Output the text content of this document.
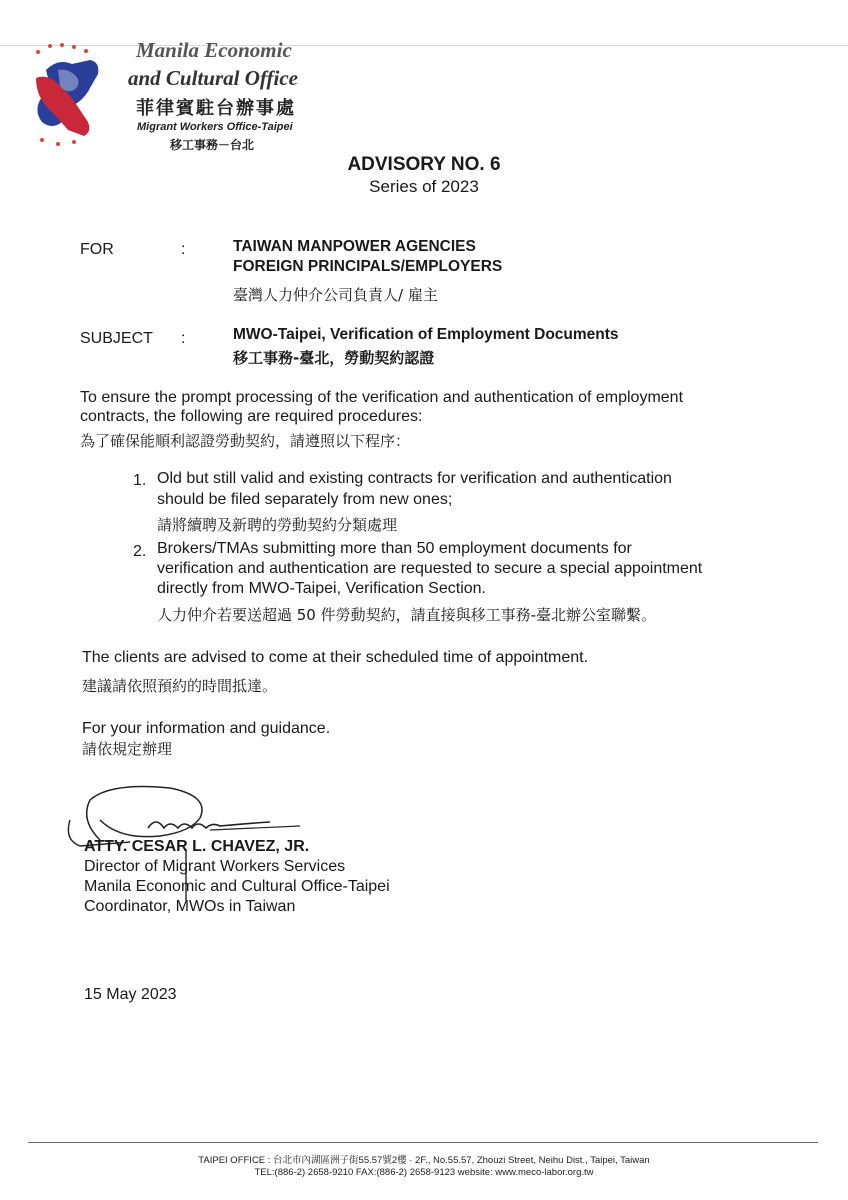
Manila Economic
and Cultural Office
菲律賓駐台辦事處
Migrant Workers Office-Taipei
移工事務－台北
ADVISORY NO. 6
Series of 2023
FOR	:	TAIWAN MANPOWER AGENCIES
FOREIGN PRINCIPALS/EMPLOYERS
臺灣人力仲介公司負責人/ 雇主
SUBJECT :	MWO-Taipei, Verification of Employment Documents
移工事務-臺北，勞動契約認證
To ensure the prompt processing of the verification and authentication of employment
contracts, the following are required procedures:
為了確保能順利認證勞動契約，請遵照以下程序：
1. Old but still valid and existing contracts for verification and authentication
should be filed separately from new ones;
請將續聘及新聘的勞動契約分類處理
2. Brokers/TMAs submitting more than 50 employment documents for
verification and authentication are requested to secure a special appointment
directly from MWO-Taipei, Verification Section.
人力仲介若要送超過 50 件勞動契約，請直接與移工事務-臺北辦公室聯繫。
The clients are advised to come at their scheduled time of appointment.
建議請依照預約的時間抵達。
For your information and guidance.
請依規定辦理
ATTY. CESAR L. CHAVEZ, JR.
Director of Migrant Workers Services
Manila Economic and Cultural Office-Taipei
Coordinator, MWOs in Taiwan
15 May 2023
TAIPEI OFFICE : 台北市內湖區洲子街55.57號2樓 · 2F., No.55.57, Zhouzi Street, Neihu Dist., Taipei, Taiwan
TEL:(886-2) 2658-9210 FAX:(886-2) 2658-9123 website: www.meco-labor.org.tw
